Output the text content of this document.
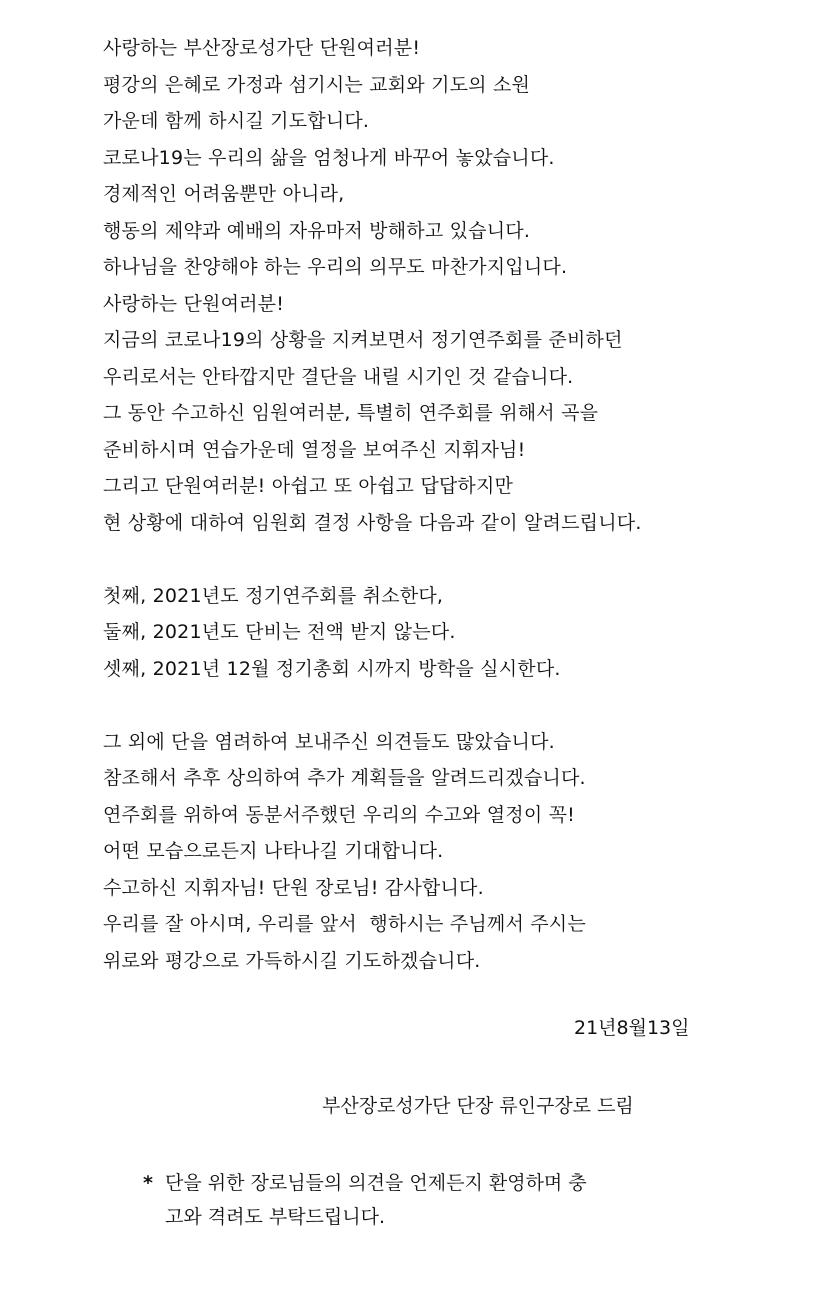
사랑하는 부산장로성가단 단원여러분!
평강의 은혜로 가정과 섬기시는 교회와 기도의 소원
가운데 함께 하시길 기도합니다.
코로나19는 우리의 삶을 엄청나게 바꾸어 놓았습니다.
경제적인 어려움뿐만 아니라,
행동의 제약과 예배의 자유마저 방해하고 있습니다.
하나님을 찬양해야 하는 우리의 의무도 마찬가지입니다.
사랑하는 단원여러분!
지금의 코로나19의 상황을 지켜보면서 정기연주회를 준비하던
우리로서는 안타깝지만 결단을 내릴 시기인 것 같습니다.
그 동안 수고하신 임원여러분, 특별히 연주회를 위해서 곡을
준비하시며 연습가운데 열정을 보여주신 지휘자님!
그리고 단원여러분! 아쉽고 또 아쉽고 답답하지만
현 상황에 대하여 임원회 결정 사항을 다음과 같이 알려드립니다.
첫째, 2021년도 정기연주회를 취소한다,
둘째, 2021년도 단비는 전액 받지 않는다.
셋째, 2021년 12월 정기총회 시까지 방학을 실시한다.
그 외에 단을 염려하여 보내주신 의견들도 많았습니다.
참조해서 추후 상의하여 추가 계획들을 알려드리겠습니다.
연주회를 위하여 동분서주했던 우리의 수고와 열정이 꼭!
어떤 모습으로든지 나타나길 기대합니다.
수고하신 지휘자님! 단원 장로님! 감사합니다.
우리를 잘 아시며, 우리를 앞서  행하시는 주님께서 주시는
위로와 평강으로 가득하시길 기도하겠습니다.
21년8월13일
부산장로성가단 단장 류인구장로 드림
* 단을 위한 장로님들의 의견을 언제든지 환영하며 충
고와 격려도 부탁드립니다.
